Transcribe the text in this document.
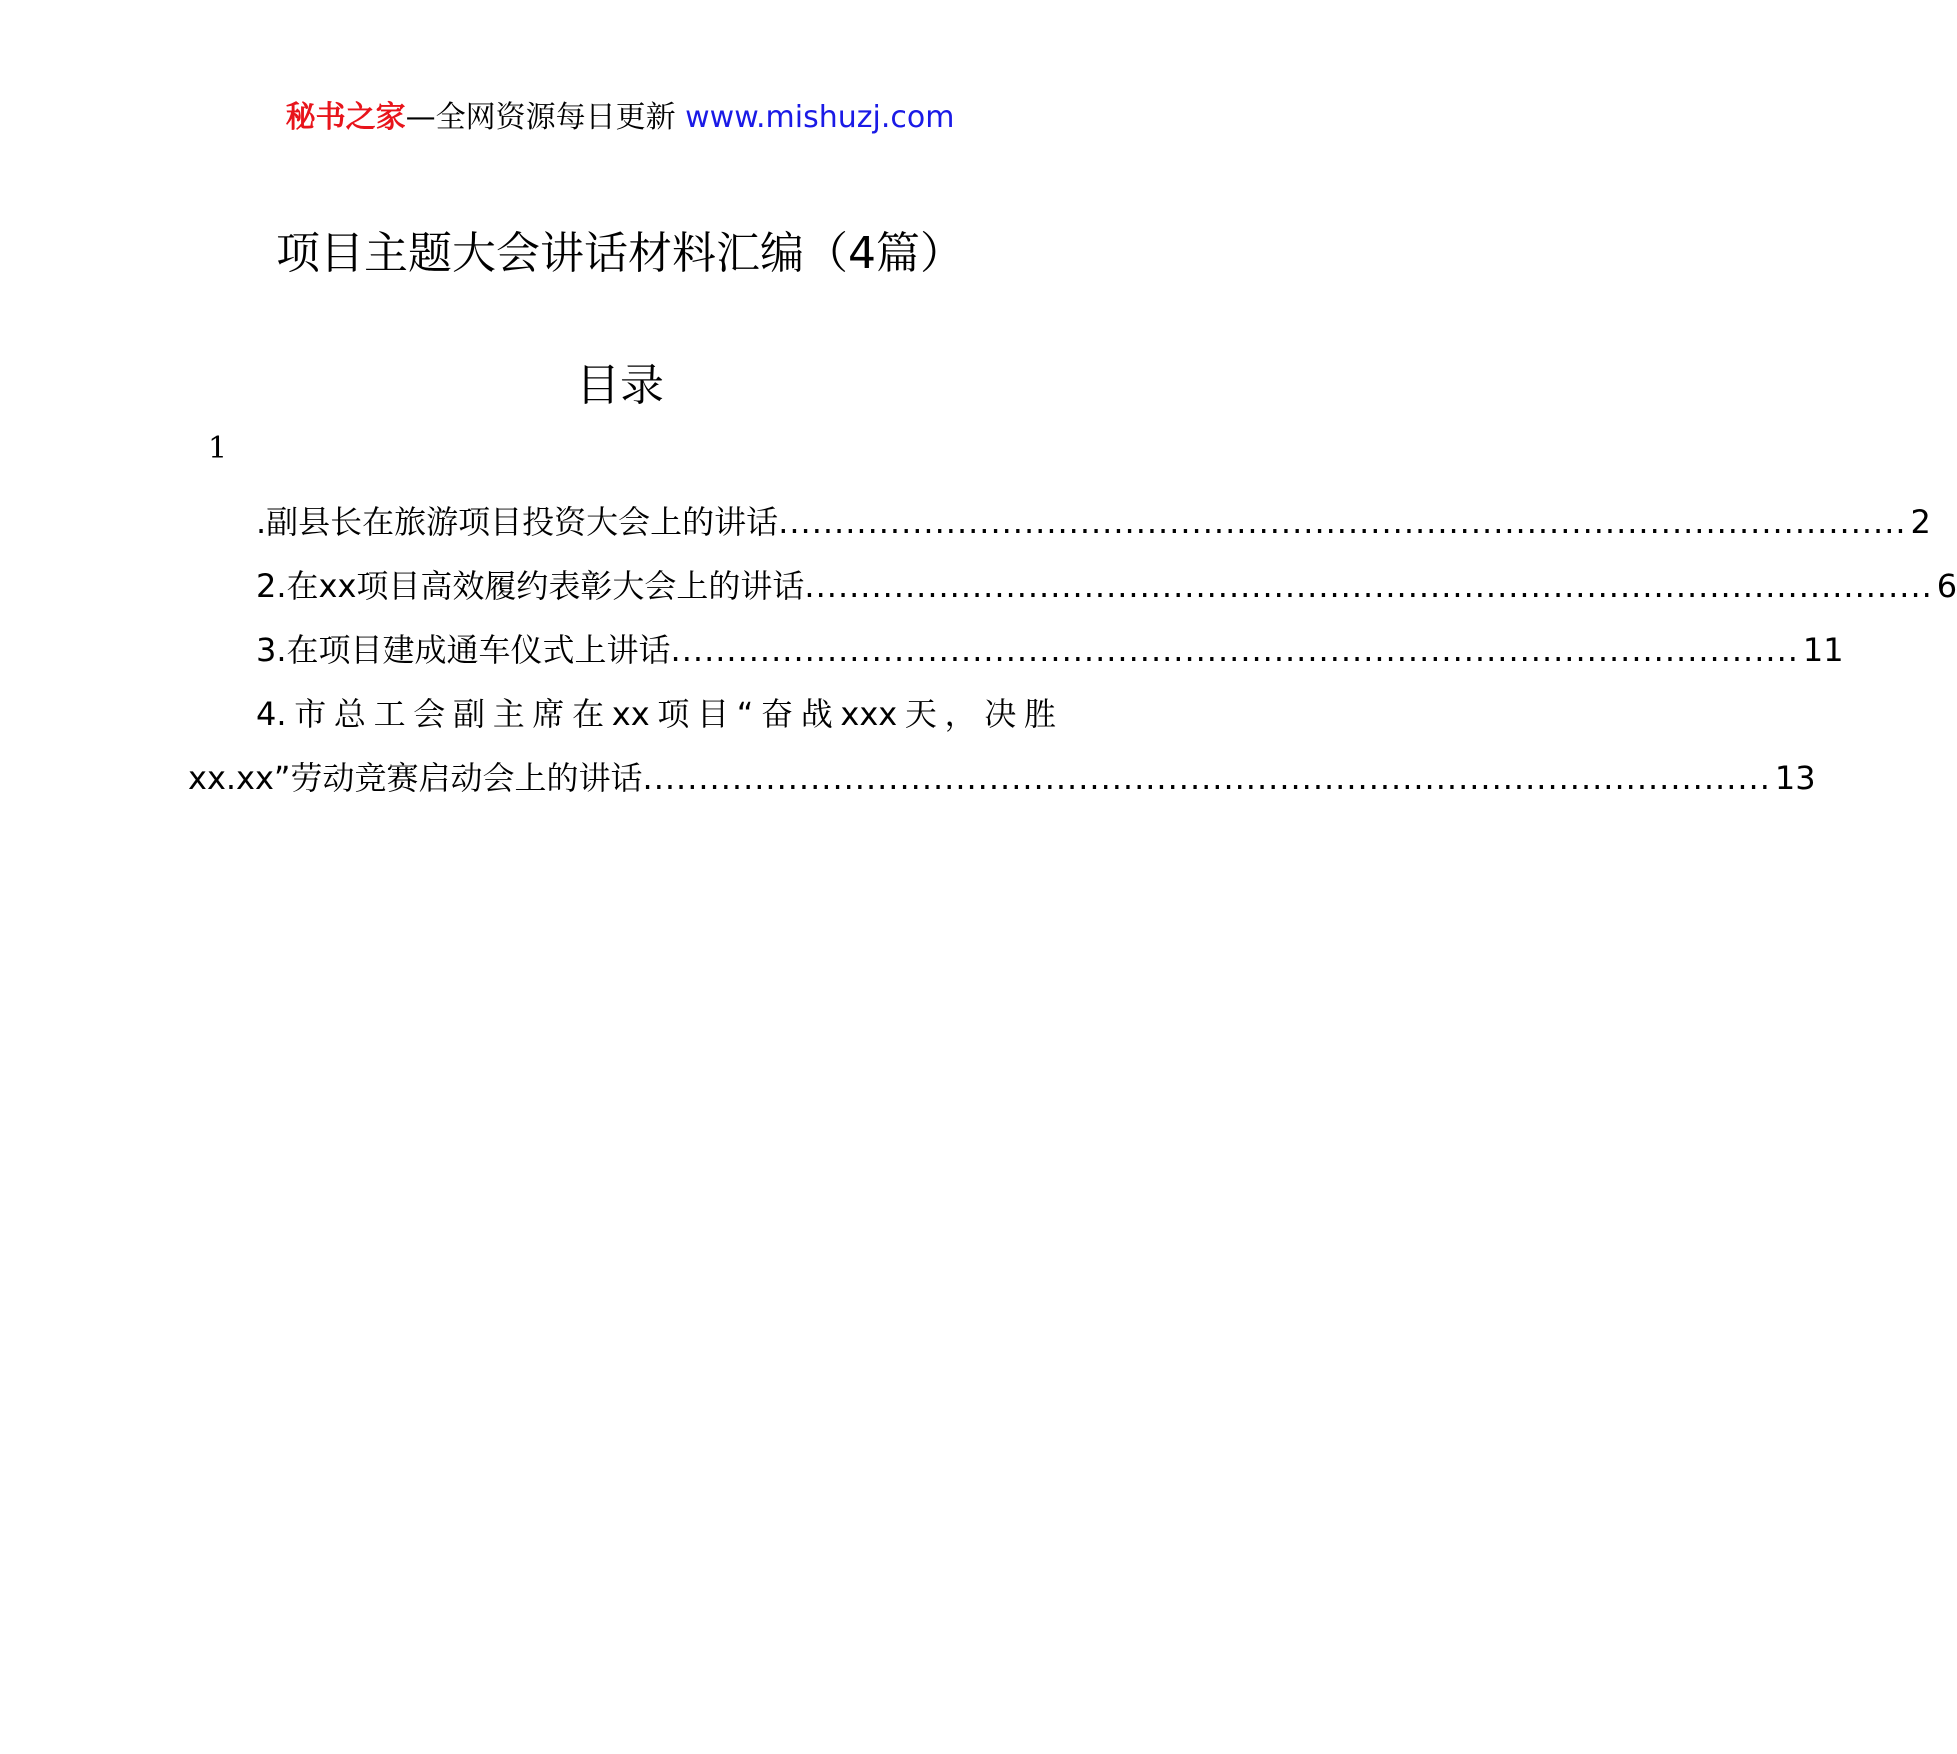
秘书之家—全网资源每日更新 www.mishuzj.com
项目主题大会讲话材料汇编（4篇）
目录
1
.副县长在旅游项目投资大会上的讲话 ..................................................................................................... 2
2.在xx项目高效履约表彰大会上的讲话 ..................................................................................................... 6
3.在项目建成通车仪式上讲话 ..................................................................................................... 11
4.市总工会副主席在xx项目“奋战xxx天，决胜
xx.xx”劳动竞赛启动会上的讲话 ..................................................................................................... 13
